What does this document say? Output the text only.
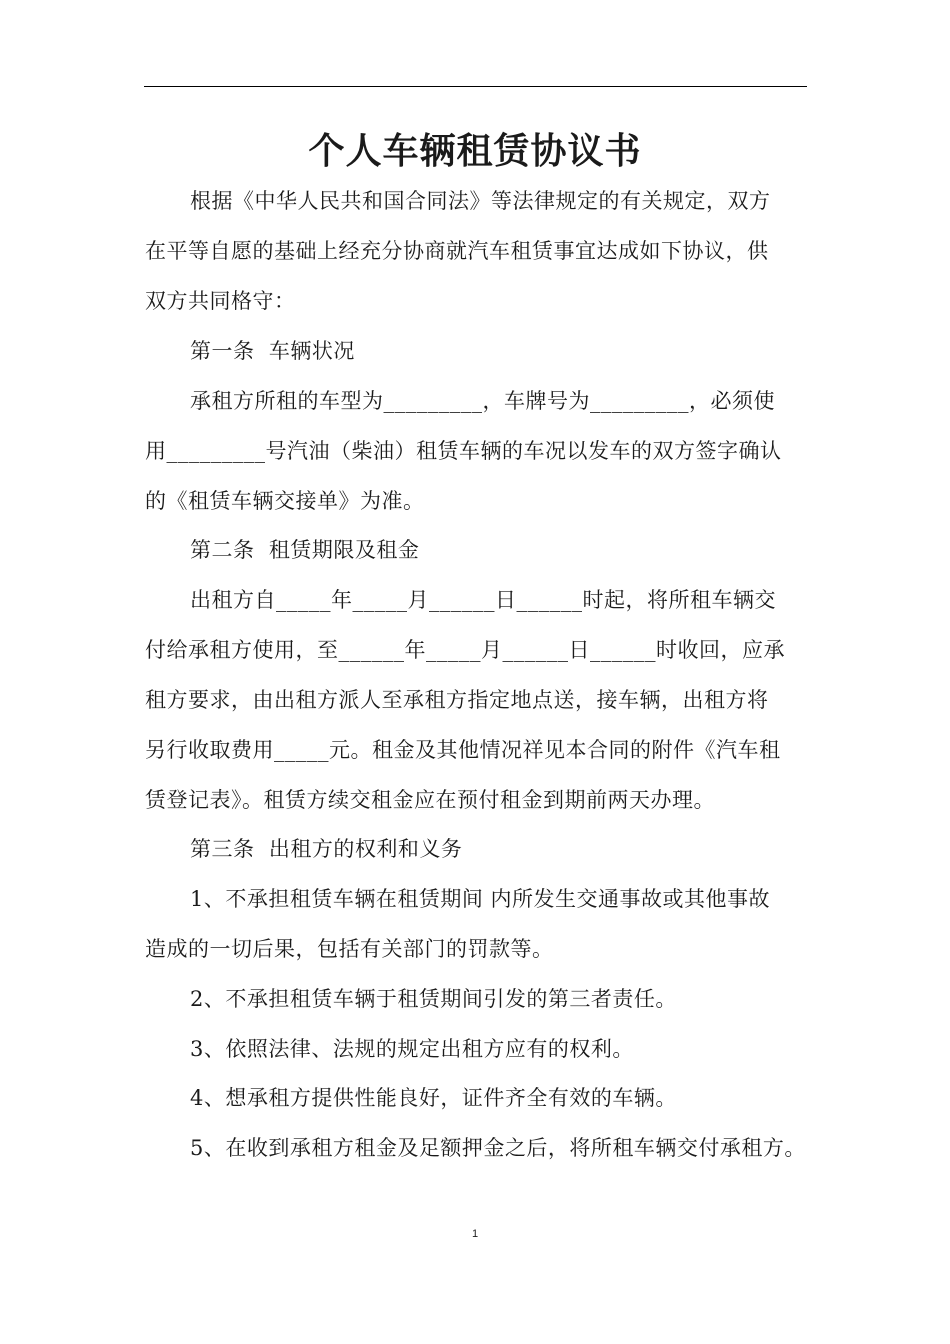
个人车辆租赁协议书
根据《中华人民共和国合同法》等法律规定的有关规定，双方
在平等自愿的基础上经充分协商就汽车租赁事宜达成如下协议，供
双方共同格守：
第一条  车辆状况
承租方所租的车型为_________，车牌号为_________，必须使
用_________号汽油（柴油）租赁车辆的车况以发车的双方签字确认
的《租赁车辆交接单》为准。
第二条  租赁期限及租金
出租方自_____年_____月______日______时起，将所租车辆交
付给承租方使用，至______年_____月______日______时收回，应承
租方要求，由出租方派人至承租方指定地点送，接车辆，出租方将
另行收取费用_____元。租金及其他情况祥见本合同的附件《汽车租
赁登记表》。租赁方续交租金应在预付租金到期前两天办理。
第三条  出租方的权利和义务
1、不承担租赁车辆在租赁期间 内所发生交通事故或其他事故
造成的一切后果，包括有关部门的罚款等。
2、不承担租赁车辆于租赁期间引发的第三者责任。
3、依照法律、法规的规定出租方应有的权利。
4、想承租方提供性能良好，证件齐全有效的车辆。
5、在收到承租方租金及足额押金之后，将所租车辆交付承租方。
1
